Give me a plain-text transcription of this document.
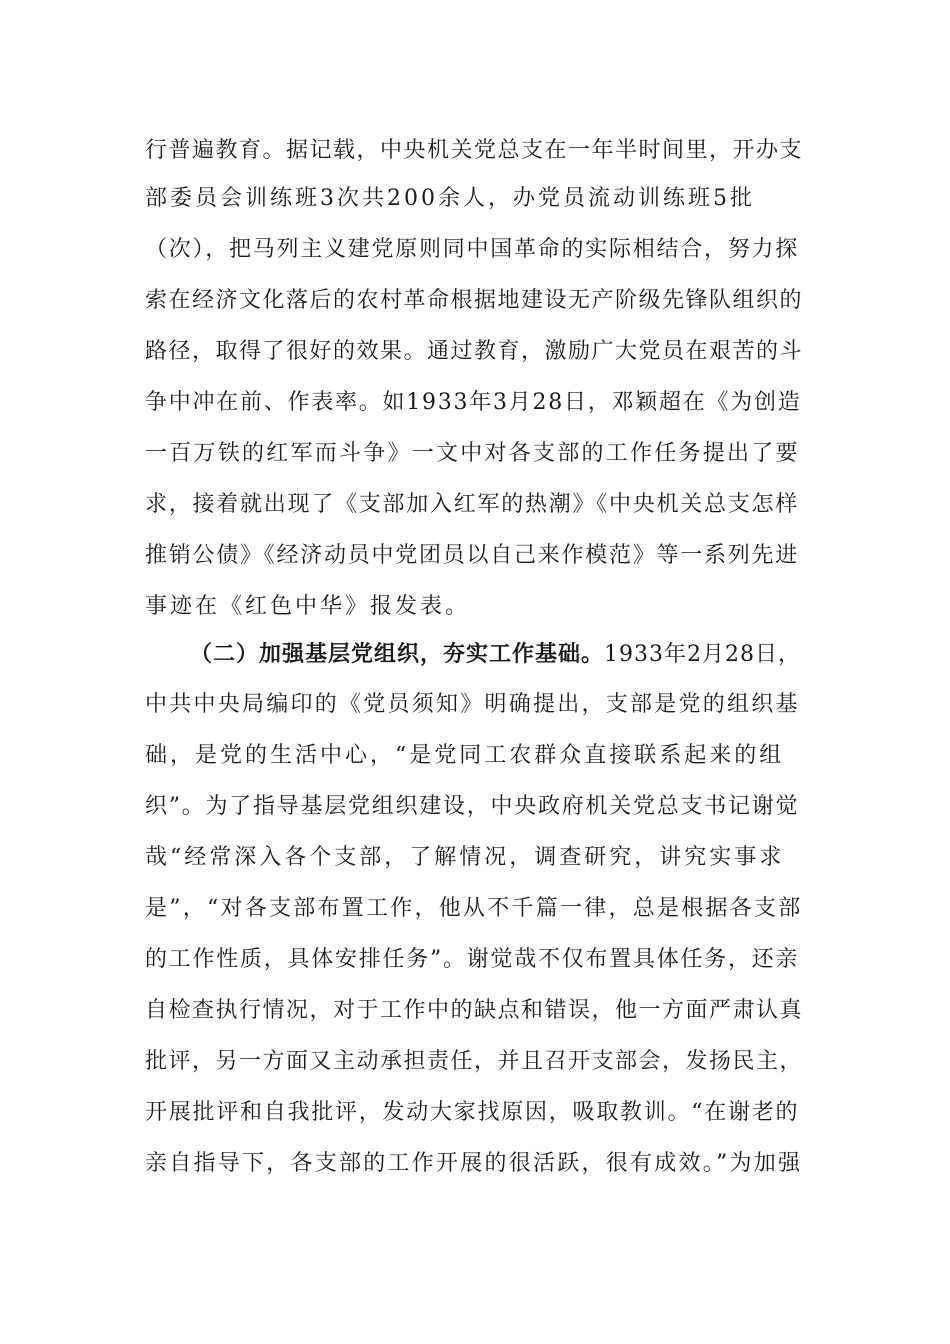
行普遍教育。据记载，中央机关党总支在一年半时间里，开办支
部委员会训练班3次共200余人，办党员流动训练班5批
（次），把马列主义建党原则同中国革命的实际相结合，努力探
索在经济文化落后的农村革命根据地建设无产阶级先锋队组织的
路径，取得了很好的效果。通过教育，激励广大党员在艰苦的斗
争中冲在前、作表率。如1933年3月28日，邓颖超在《为创造
一百万铁的红军而斗争》一文中对各支部的工作任务提出了要
求，接着就出现了《支部加入红军的热潮》《中央机关总支怎样
推销公债》《经济动员中党团员以自己来作模范》等一系列先进
事迹在《红色中华》报发表。
（二）加强基层党组织，夯实工作基础。1933年2月28日，
中共中央局编印的《党员须知》明确提出，支部是党的组织基
础，是党的生活中心，“是党同工农群众直接联系起来的组
织”。为了指导基层党组织建设，中央政府机关党总支书记谢觉
哉“经常深入各个支部，了解情况，调查研究，讲究实事求
是”，“对各支部布置工作，他从不千篇一律，总是根据各支部
的工作性质，具体安排任务”。谢觉哉不仅布置具体任务，还亲
自检查执行情况，对于工作中的缺点和错误，他一方面严肃认真
批评，另一方面又主动承担责任，并且召开支部会，发扬民主，
开展批评和自我批评，发动大家找原因，吸取教训。“在谢老的
亲自指导下，各支部的工作开展的很活跃，很有成效。”为加强
